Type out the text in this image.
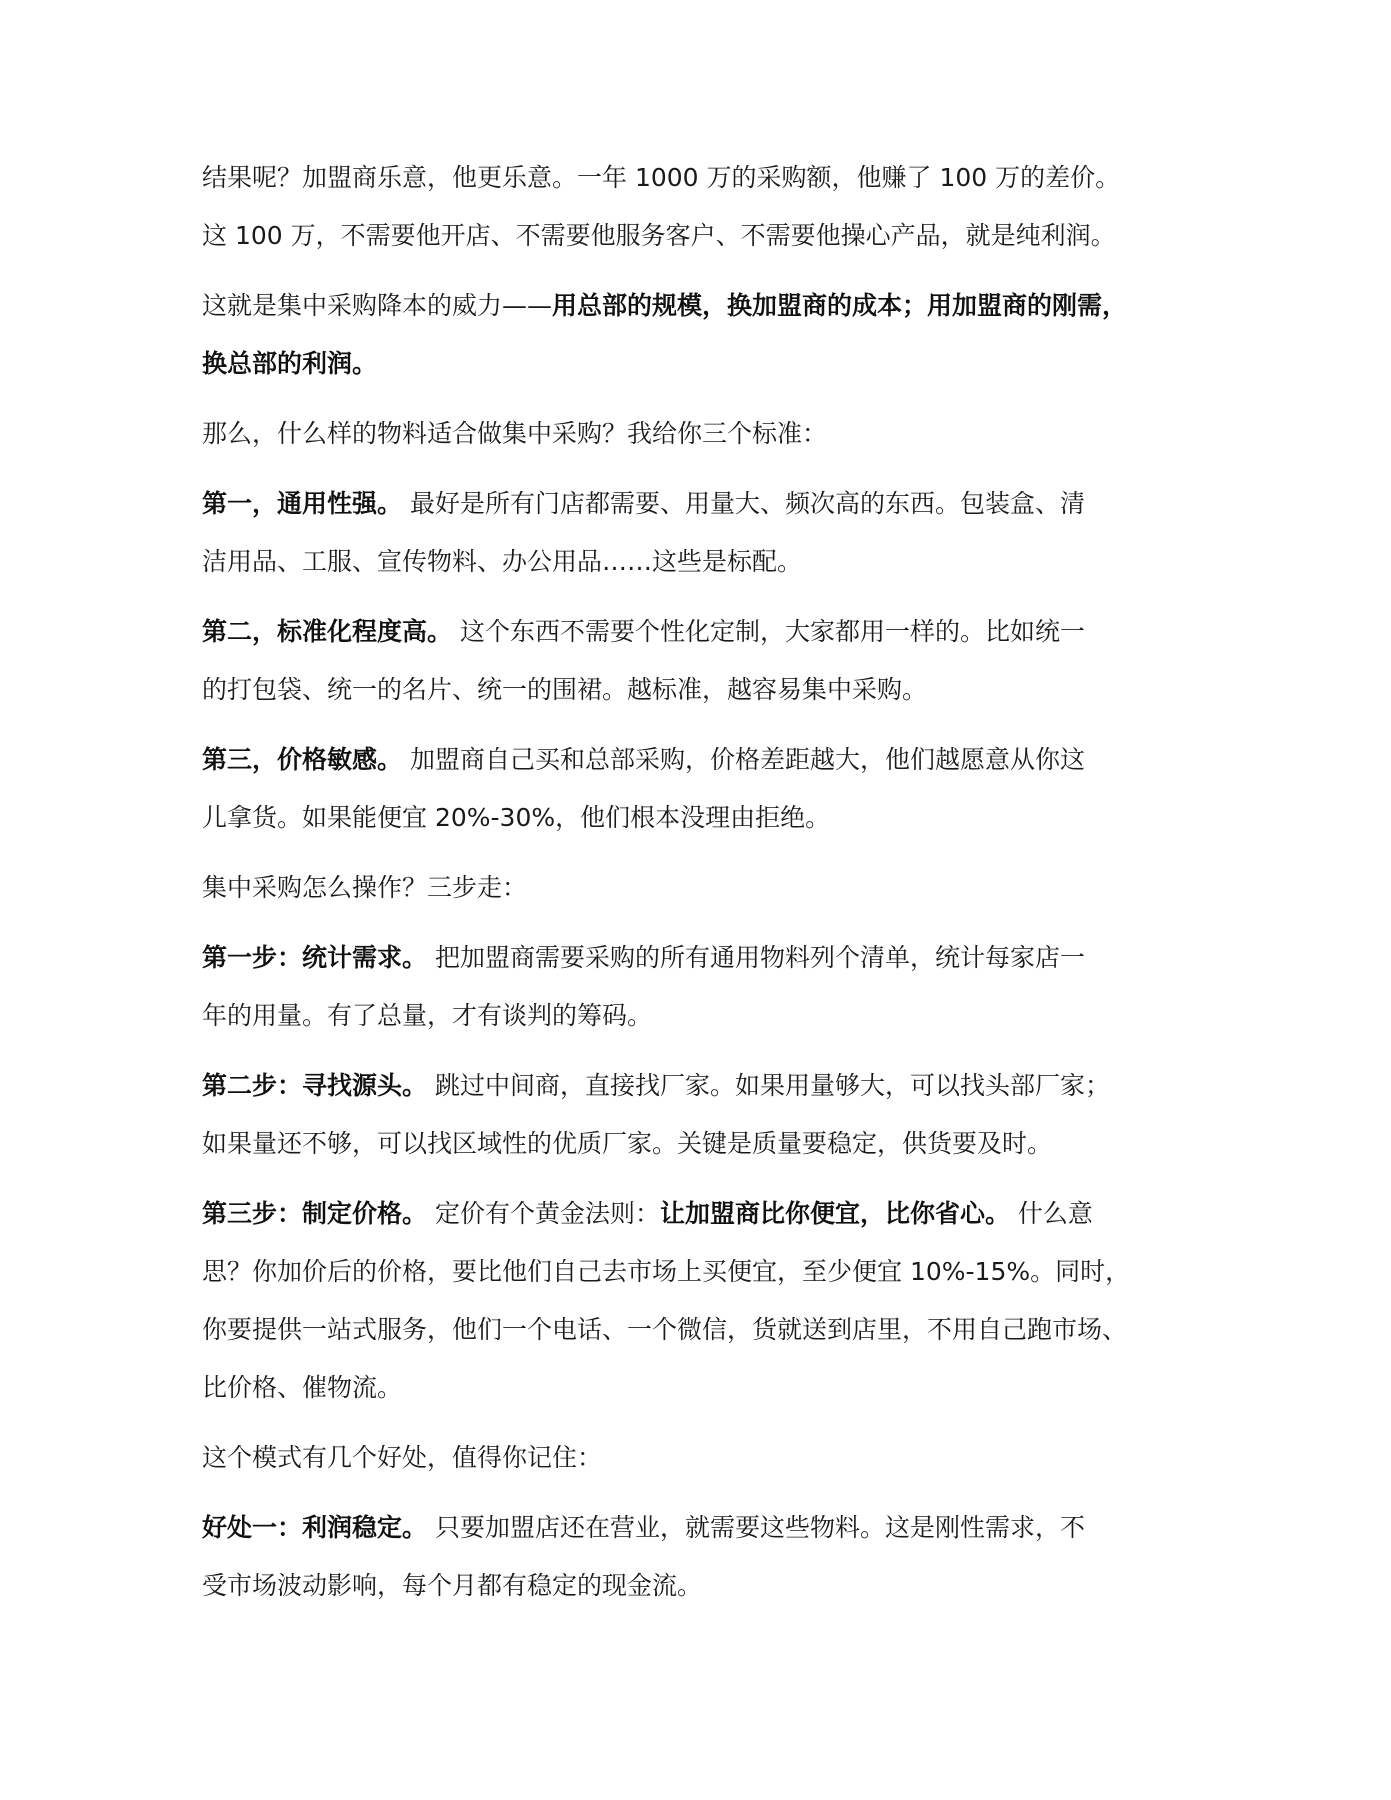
结果呢？加盟商乐意，他更乐意。一年 1000 万的采购额，他赚了 100 万的差价。
这 100 万，不需要他开店、不需要他服务客户、不需要他操心产品，就是纯利润。
这就是集中采购降本的威力——用总部的规模，换加盟商的成本；用加盟商的刚需，
换总部的利润。
那么，什么样的物料适合做集中采购？我给你三个标准：
第一，通用性强。 最好是所有门店都需要、用量大、频次高的东西。包装盒、清
洁用品、工服、宣传物料、办公用品……这些是标配。
第二，标准化程度高。 这个东西不需要个性化定制，大家都用一样的。比如统一
的打包袋、统一的名片、统一的围裙。越标准，越容易集中采购。
第三，价格敏感。 加盟商自己买和总部采购，价格差距越大，他们越愿意从你这
儿拿货。如果能便宜 20%-30%，他们根本没理由拒绝。
集中采购怎么操作？三步走：
第一步：统计需求。 把加盟商需要采购的所有通用物料列个清单，统计每家店一
年的用量。有了总量，才有谈判的筹码。
第二步：寻找源头。 跳过中间商，直接找厂家。如果用量够大，可以找头部厂家；
如果量还不够，可以找区域性的优质厂家。关键是质量要稳定，供货要及时。
第三步：制定价格。 定价有个黄金法则：让加盟商比你便宜，比你省心。 什么意
思？你加价后的价格，要比他们自己去市场上买便宜，至少便宜 10%-15%。同时，
你要提供一站式服务，他们一个电话、一个微信，货就送到店里，不用自己跑市场、
比价格、催物流。
这个模式有几个好处，值得你记住：
好处一：利润稳定。 只要加盟店还在营业，就需要这些物料。这是刚性需求，不
受市场波动影响，每个月都有稳定的现金流。
